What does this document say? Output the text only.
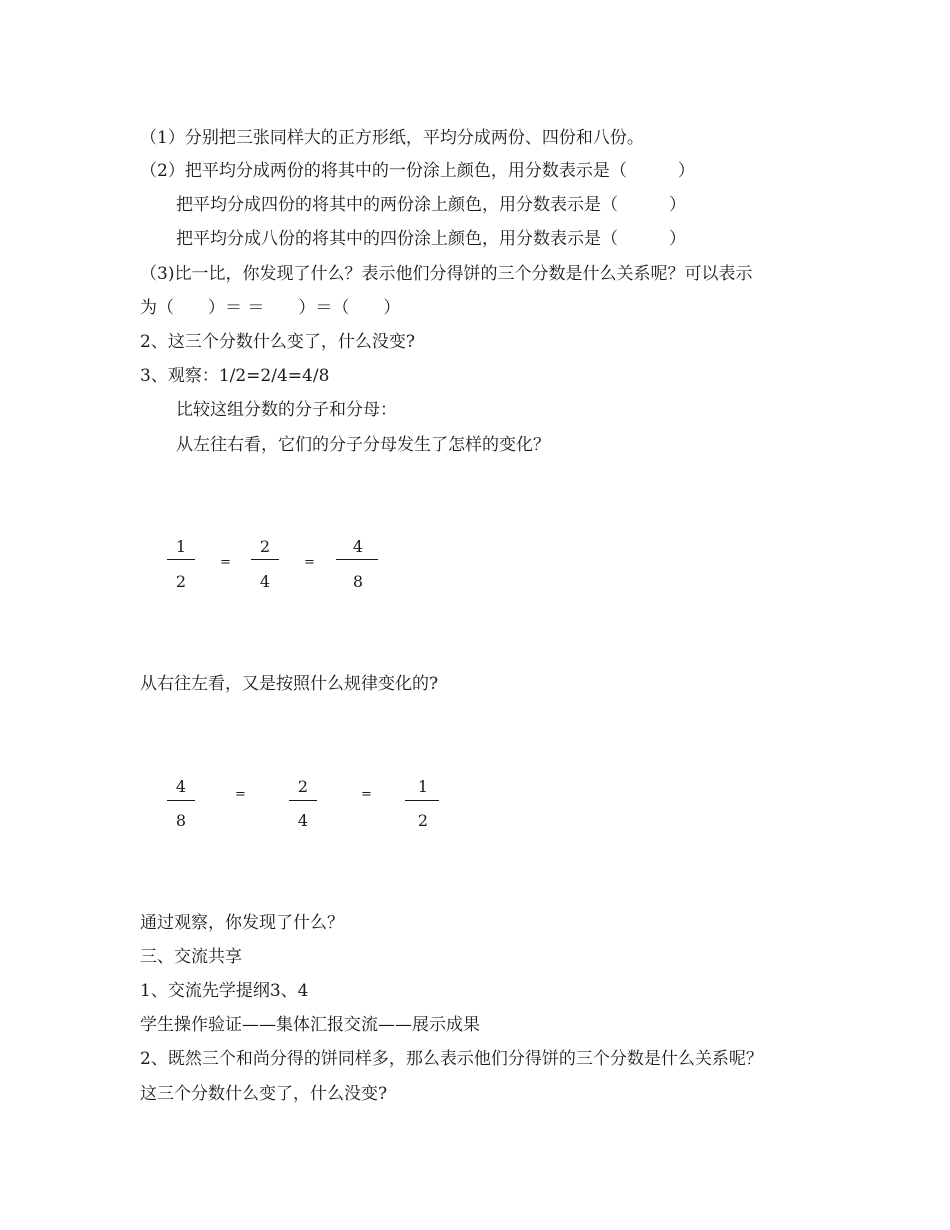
（1）分别把三张同样大的正方形纸，平均分成两份、四份和八份。
（2）把平均分成两份的将其中的一份涂上颜色，用分数表示是（　　　）
把平均分成四份的将其中的两份涂上颜色，用分数表示是（　　　）
把平均分成八份的将其中的四份涂上颜色，用分数表示是（　　　）
（3)比一比，你发现了什么？表示他们分得饼的三个分数是什么关系呢？可以表示
为（　　）＝ ＝　　）＝（　　）
2、这三个分数什么变了，什么没变?
3、观察：1/2=2/4=4/8
比较这组分数的分子和分母：
从左往右看，它们的分子分母发生了怎样的变化？
1
2
=
2
4
=
4
8
从右往左看，又是按照什么规律变化的?
4
8
=	2
4
=	1
2
通过观察，你发现了什么？
三、交流共享
1、交流先学提纲3、4
学生操作验证——集体汇报交流——展示成果
2、既然三个和尚分得的饼同样多，那么表示他们分得饼的三个分数是什么关系呢？
这三个分数什么变了，什么没变?
